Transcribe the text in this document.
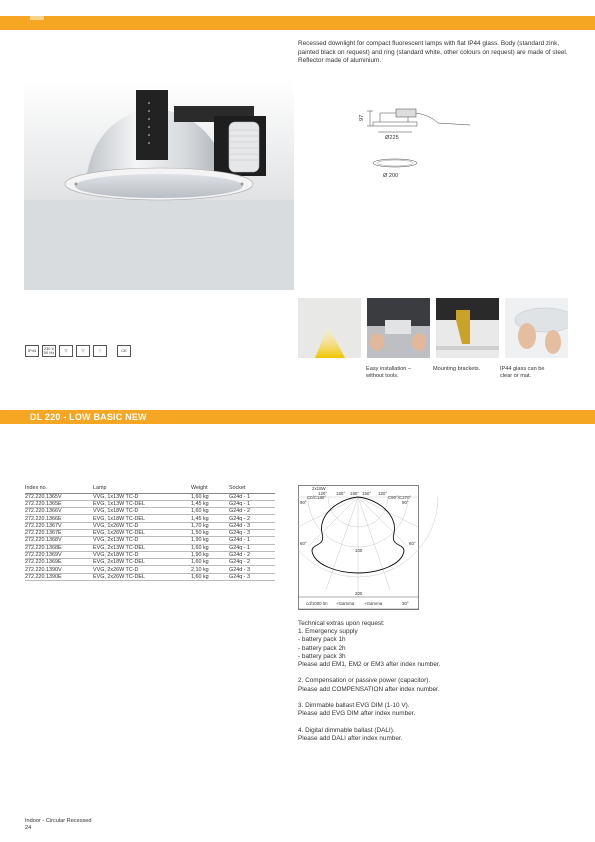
Recessed downlight for compact fluorescent lamps with flat IP44 glass. Body (standard zink, painted black on request) and ring (standard white, other colours on request) are made of steel. Reflector made of aluminium.

97
Ø225
Ø 200
IP44	230 V 50 Hz	▽	▽	⏚	CE

Easy installation – without tools.

Mounting brackets.	IP44 glass can be clear or mat.

DL 220 - LOW BASIC NEW
Index no.	Lamp	Weight	Socket
272.220.1365V	VVG, 1x13W TC-D	1,60 kg	G24d - 1
272.220.1365E	EVG, 1x13W TC-DEL	1,45 kg	G24q - 1
272.220.1366V	VVG, 1x18W TC-D	1,60 kg	G24d - 2
272.220.1366E	EVG, 1x18W TC-DEL	1,45 kg	G24q - 2
272.220.1367V	VVG, 1x26W TC-D	1,70 kg	G24d - 3
272.220.1367E	EVG, 1x26W TC-DEL	1,50 kg	G24q - 3
272.220.1368V	VVG, 2x13W TC-D	1,90 kg	G24d - 1
272.220.1368E	EVG, 2x13W TC-DEL	1,60 kg	G24q - 1
272.220.1369V	VVG, 2x18W TC-D	1,90 kg	G24d - 2
272.220.1369E	EVG, 2x18W TC-DEL	1,60 kg	G24q - 2
272.220.1390V	VVG, 2x26W TC-D	2,10 kg	G24d - 3
272.220.1390E	EVG, 2x26W TC-DEL	1,60 kg	G24q - 3
2x18W
90°
120° 150° 180° 150° 120°
90°
C0/C180°	C90°/C270°
60°	60°
100
200
cd/1000 lm +Gamma +Gamma	30°

Technical extras upon request:

1. Emergency supply

- battery pack 1h

- battery pack 2h

- battery pack 3h

Please add EM1, EM2 or EM3 after index number.

2. Compensation or passive power (capacitor).

Please add COMPENSATION after index number.

3. Dimmable ballast EVG DIM (1-10 V).

Please add EVG DIM after index number.

4. Digital dimmable ballast (DALI).

Please add DALI after index number.

Indoor - Circular Recessed
24
